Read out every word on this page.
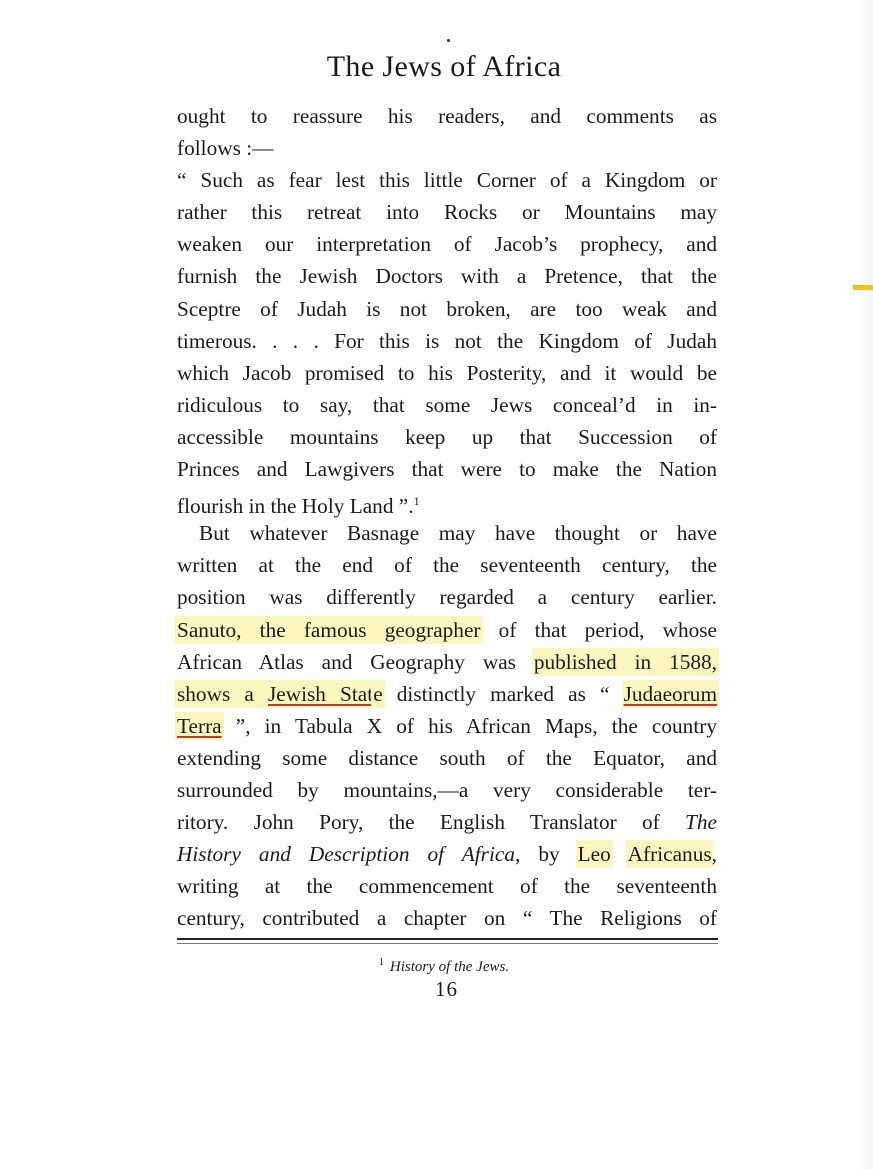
The Jews of Africa
ought to reassure his readers, and comments as
follows :—
“ Such as fear lest this little Corner of a Kingdom or
rather this retreat into Rocks or Mountains may
weaken our interpretation of Jacob’s prophecy, and
furnish the Jewish Doctors with a Pretence, that the
Sceptre of Judah is not broken, are too weak and
timerous. . . . For this is not the Kingdom of Judah
which Jacob promised to his Posterity, and it would be
ridiculous to say, that some Jews conceal’d in in-
accessible mountains keep up that Succession of
Princes and Lawgivers that were to make the Nation
flourish in the Holy Land ”.$^1$
But whatever Basnage may have thought or have
written at the end of the seventeenth century, the
position was differently regarded a century earlier.
Sanuto, the famous geographer of that period, whose
African Atlas and Geography was published in 1588,
shows a Jewish State distinctly marked as “ Judaeorum
Terra ”, in Tabula X of his African Maps, the country
extending some distance south of the Equator, and
surrounded by mountains,—a very considerable ter-
ritory. John Pory, the English Translator of The
History and Description of Africa, by Leo Africanus,
writing at the commencement of the seventeenth
century, contributed a chapter on “ The Religions of
$^1$ History of the Jews.
16
